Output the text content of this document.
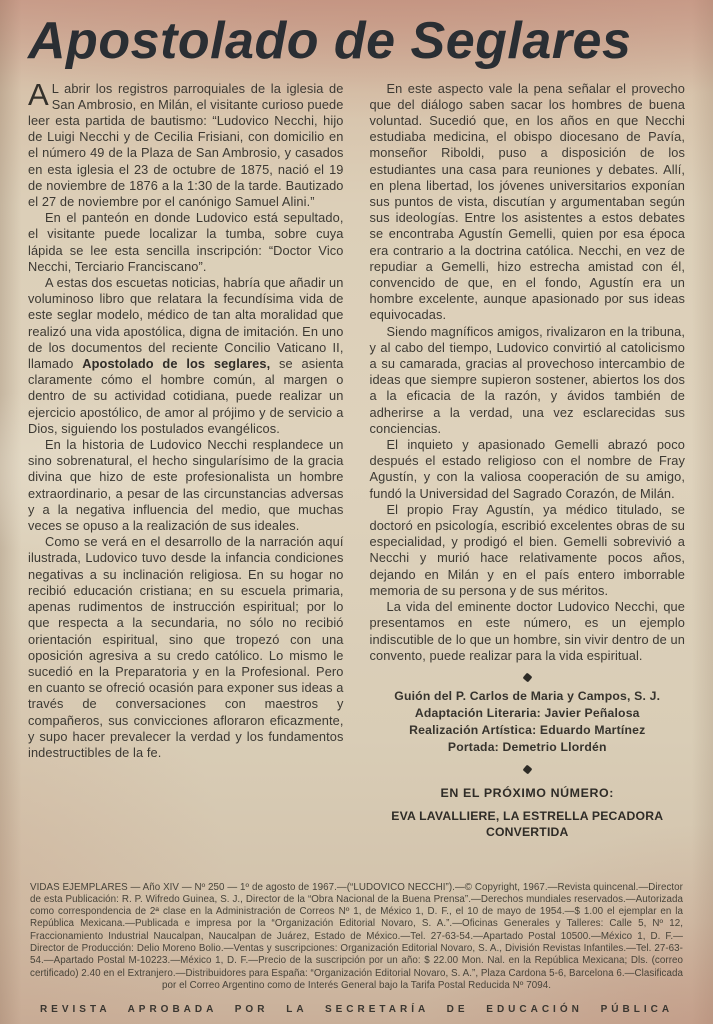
Apostolado de Seglares

A L abrir los registros parroquiales de la iglesia de San Ambrosio, en Milán, el visitante curioso puede leer esta partida de bautismo: “Ludovico Necchi, hijo de Luigi Necchi y de Cecilia Frisiani, con domicilio en el número 49 de la Plaza de San Ambrosio, y casados en esta iglesia el 23 de octubre de 1875, nació el 19 de noviembre de 1876 a la 1:30 de la tarde. Bautizado el 27 de noviembre por el canónigo Samuel Alini.”

En el panteón en donde Ludovico está sepultado, el visitante puede localizar la tumba, sobre cuya lápida se lee esta sencilla inscripción: “Doctor Vico Necchi, Terciario Franciscano”.

A estas dos escuetas noticias, habría que añadir un voluminoso libro que relatara la fecundísima vida de este seglar modelo, médico de tan alta moralidad que realizó una vida apostólica, digna de imitación. En uno de los documentos del reciente Concilio Vaticano II, llamado Apostolado de los seglares, se asienta claramente cómo el hombre común, al margen o dentro de su actividad cotidiana, puede realizar un ejercicio apostólico, de amor al prójimo y de servicio a Dios, siguiendo los postulados evangélicos.

En la historia de Ludovico Necchi resplandece un sino sobrenatural, el hecho singularísimo de la gracia divina que hizo de este profesionalista un hombre extraordinario, a pesar de las circunstancias adversas y a la negativa influencia del medio, que muchas veces se opuso a la realización de sus ideales.

Como se verá en el desarrollo de la narración aquí ilustrada, Ludovico tuvo desde la infancia condiciones negativas a su inclinación religiosa. En su hogar no recibió educación cristiana; en su escuela primaria, apenas rudimentos de instrucción espiritual; por lo que respecta a la secundaria, no sólo no recibió orientación espiritual, sino que tropezó con una oposición agresiva a su credo católico. Lo mismo le sucedió en la Preparatoria y en la Profesional. Pero en cuanto se ofreció ocasión para exponer sus ideas a través de conversaciones con maestros y compañeros, sus convicciones afloraron eficazmente, y supo hacer prevalecer la verdad y los fundamentos indestructibles de la fe.

En este aspecto vale la pena señalar el provecho que del diálogo saben sacar los hombres de buena voluntad. Sucedió que, en los años en que Necchi estudiaba medicina, el obispo diocesano de Pavía, monseñor Riboldi, puso a disposición de los estudiantes una casa para reuniones y debates. Allí, en plena libertad, los jóvenes universitarios exponían sus puntos de vista, discutían y argumentaban según sus ideologías. Entre los asistentes a estos debates se encontraba Agustín Gemelli, quien por esa época era contrario a la doctrina católica. Necchi, en vez de repudiar a Gemelli, hizo estrecha amistad con él, convencido de que, en el fondo, Agustín era un hombre excelente, aunque apasionado por sus ideas equivocadas.

Siendo magníficos amigos, rivalizaron en la tribuna, y al cabo del tiempo, Ludovico convirtió al catolicismo a su camarada, gracias al provechoso intercambio de ideas que siempre supieron sostener, abiertos los dos a la eficacia de la razón, y ávidos también de adherirse a la verdad, una vez esclarecidas sus conciencias.

El inquieto y apasionado Gemelli abrazó poco después el estado religioso con el nombre de Fray Agustín, y con la valiosa cooperación de su amigo, fundó la Universidad del Sagrado Corazón, de Milán.

El propio Fray Agustín, ya médico titulado, se doctoró en psicología, escribió excelentes obras de su especialidad, y prodigó el bien. Gemelli sobrevivió a Necchi y murió hace relativamente pocos años, dejando en Milán y en el país entero imborrable memoria de su persona y de sus méritos.

La vida del eminente doctor Ludovico Necchi, que presentamos en este número, es un ejemplo indiscutible de lo que un hombre, sin vivir dentro de un convento, puede realizar para la vida espiritual.

Guión del P. Carlos de Maria y Campos, S. J.
Adaptación Literaria: Javier Peñalosa
Realización Artística: Eduardo Martínez
Portada: Demetrio Llordén
EN EL PRÓXIMO NÚMERO:
EVA LAVALLIERE, LA ESTRELLA PECADORA CONVERTIDA

VIDAS EJEMPLARES — Año XIV — Nº 250 — 1º de agosto de 1967.—(“LUDOVICO NECCHI”).—© Copyright, 1967.—Revista quincenal.—Director de esta Publicación: R. P. Wifredo Guinea, S. J., Director de la “Obra Nacional de la Buena Prensa”.—Derechos mundiales reservados.—Autorizada como correspondencia de 2ª clase en la Administración de Correos Nº 1, de México 1, D. F., el 10 de mayo de 1954.—$ 1.00 el ejemplar en la República Mexicana.—Publicada e impresa por la “Organización Editorial Novaro, S. A.”.—Oficinas Generales y Talleres: Calle 5, Nº 12, Fraccionamiento Industrial Naucalpan, Naucalpan de Juárez, Estado de México.—Tel. 27-63-54.—Apartado Postal 10500.—México 1, D. F.—Director de Producción: Delio Moreno Bolio.—Ventas y suscripciones: Organización Editorial Novaro, S. A., División Revistas Infantiles.—Tel. 27-63-54.—Apartado Postal M-10223.—México 1, D. F.—Precio de la suscripción por un año: $ 22.00 Mon. Nal. en la República Mexicana; Dls. (correo certificado) 2.40 en el Extranjero.—Distribuidores para España: “Organización Editorial Novaro, S. A.”, Plaza Cardona 5-6, Barcelona 6.—Clasificada por el Correo Argentino como de Interés General bajo la Tarifa Postal Reducida Nº 7094.

REVISTA APROBADA POR LA SECRETARÍA DE EDUCACIÓN PÚBLICA
